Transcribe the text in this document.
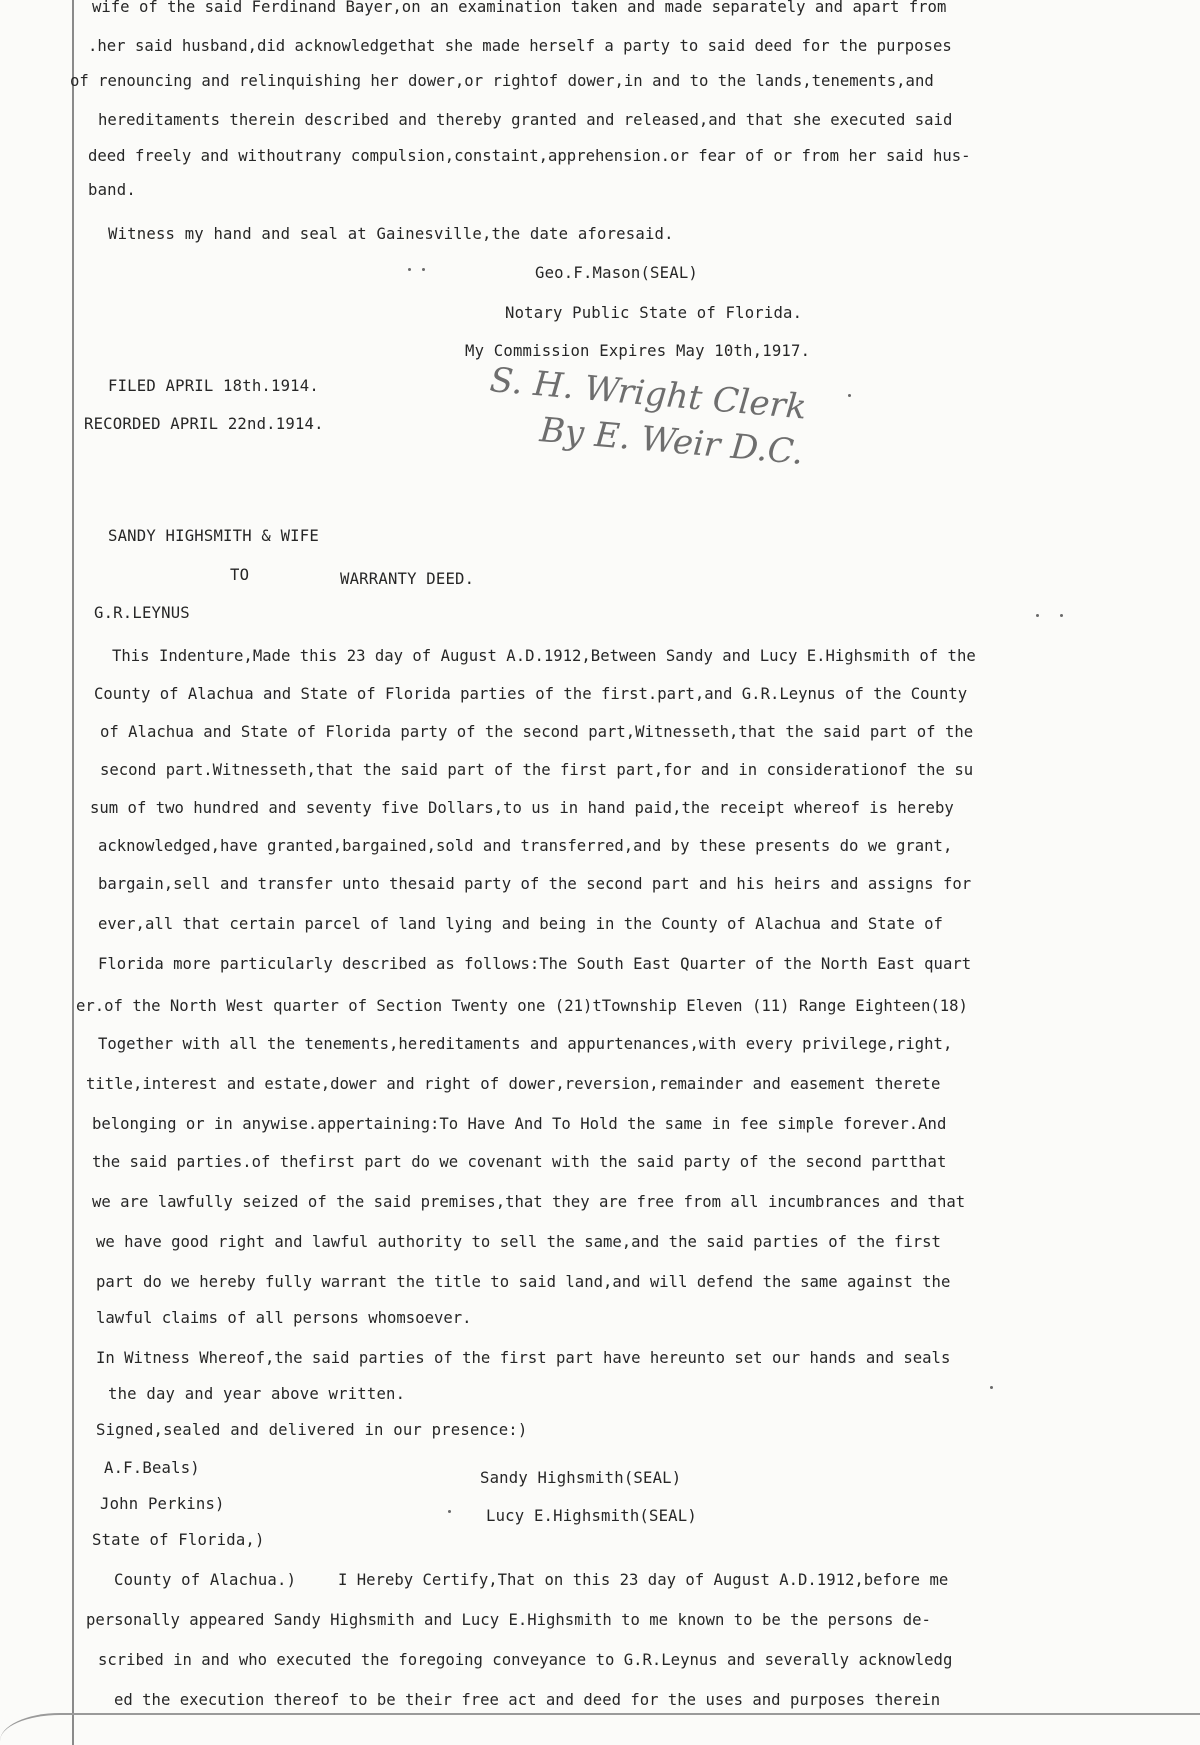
wife of the said Ferdinand Bayer,on an examination taken and made separately and apart from
.her said husband,did acknowledgethat she made herself a party to said deed for the purposes
of renouncing and relinquishing her dower,or rightof dower,in and to the lands,tenements,and
hereditaments therein described and thereby granted and released,and that she executed said
deed freely and withoutrany compulsion,constaint,apprehension.or fear of or from her said hus-
band.
Witness my hand and seal at Gainesville,the date aforesaid.
Geo.F.Mason(SEAL)
Notary Public State of Florida.
My Commission Expires May 10th,1917.
FILED APRIL 18th.1914.
RECORDED APRIL 22nd.1914.	S. H. Wright Clerk
By E. Weir D.C.
SANDY HIGHSMITH & WIFE
TO	WARRANTY DEED.
G.R.LEYNUS
This Indenture,Made this 23 day of August A.D.1912,Between Sandy and Lucy E.Highsmith of the
County of Alachua and State of Florida parties of the first.part,and G.R.Leynus of the County
of Alachua and State of Florida party of the second part,Witnesseth,that the said part of the
second part.Witnesseth,that the said part of the first part,for and in considerationof the su
sum of two hundred and seventy five Dollars,to us in hand paid,the receipt whereof is hereby
acknowledged,have granted,bargained,sold and transferred,and by these presents do we grant,
bargain,sell and transfer unto thesaid party of the second part and his heirs and assigns for
ever,all that certain parcel of land lying and being in the County of Alachua and State of
Florida more particularly described as follows:The South East Quarter of the North East quart
er.of the North West quarter of Section Twenty one (21)tTownship Eleven (11) Range Eighteen(18)
Together with all the tenements,hereditaments and appurtenances,with every privilege,right,
title,interest and estate,dower and right of dower,reversion,remainder and easement therete
belonging or in anywise.appertaining:To Have And To Hold the same in fee simple forever.And
the said parties.of thefirst part do we covenant with the said party of the second partthat
we are lawfully seized of the said premises,that they are free from all incumbrances and that
we have good right and lawful authority to sell the same,and the said parties of the first
part do we hereby fully warrant the title to said land,and will defend the same against the
lawful claims of all persons whomsoever.
In Witness Whereof,the said parties of the first part have hereunto set our hands and seals
the day and year above written.
Signed,sealed and delivered in our presence:)
A.F.Beals)
Sandy Highsmith(SEAL)
John Perkins)
Lucy E.Highsmith(SEAL)
State of Florida,)
County of Alachua.)	I Hereby Certify,That on this 23 day of August A.D.1912,before me
personally appeared Sandy Highsmith and Lucy E.Highsmith to me known to be the persons de-
scribed in and who executed the foregoing conveyance to G.R.Leynus and severally acknowledg
ed the execution thereof to be their free act and deed for the uses and purposes therein
